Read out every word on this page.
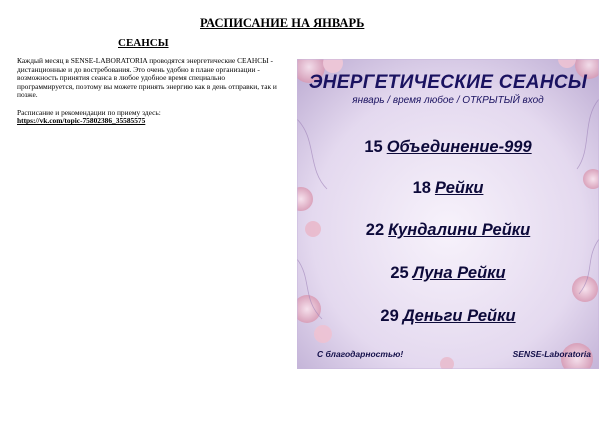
РАСПИСАНИЕ НА ЯНВАРЬ
СЕАНСЫ

Каждый месяц в SENSE-LABORATORIA проводятся энергетические СЕАНСЫ - дистанционные и до востребования. Это очень удобно в плане организации - возможность принятия сеанса в любое удобное время специально программируется, поэтому вы можете принять энергию как в день отправки, так и позже.

Расписание и рекомендации по приему здесь:
https://vk.com/topic-75802386_35585575
ЭНЕРГЕТИЧЕСКИЕ СЕАНСЫ
январь / время любое / ОТКРЫТЫЙ вход
15 Объединение-999
18 Рейки
22 Кундалини Рейки
25 Луна Рейки
29 Деньги Рейки
С благодарностью!	SENSE-Laboratoria
